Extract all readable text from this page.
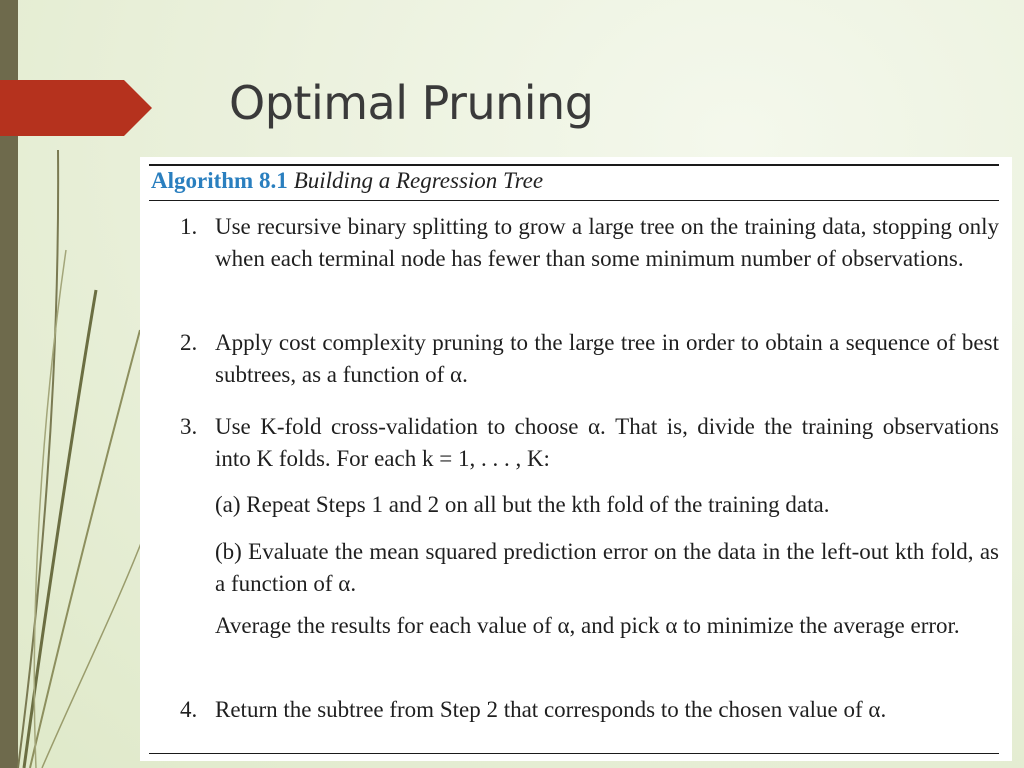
Optimal Pruning
Algorithm 8.1 Building a Regression Tree
1. Use recursive binary splitting to grow a large tree on the training data, stopping only when each terminal node has fewer than some minimum number of observations.
2. Apply cost complexity pruning to the large tree in order to obtain a sequence of best subtrees, as a function of α.
3. Use K-fold cross-validation to choose α. That is, divide the training observations into K folds. For each k = 1, . . . , K:
(a) Repeat Steps 1 and 2 on all but the kth fold of the training data.
(b) Evaluate the mean squared prediction error on the data in the left-out kth fold, as a function of α.
Average the results for each value of α, and pick α to minimize the average error.
4. Return the subtree from Step 2 that corresponds to the chosen value of α.
